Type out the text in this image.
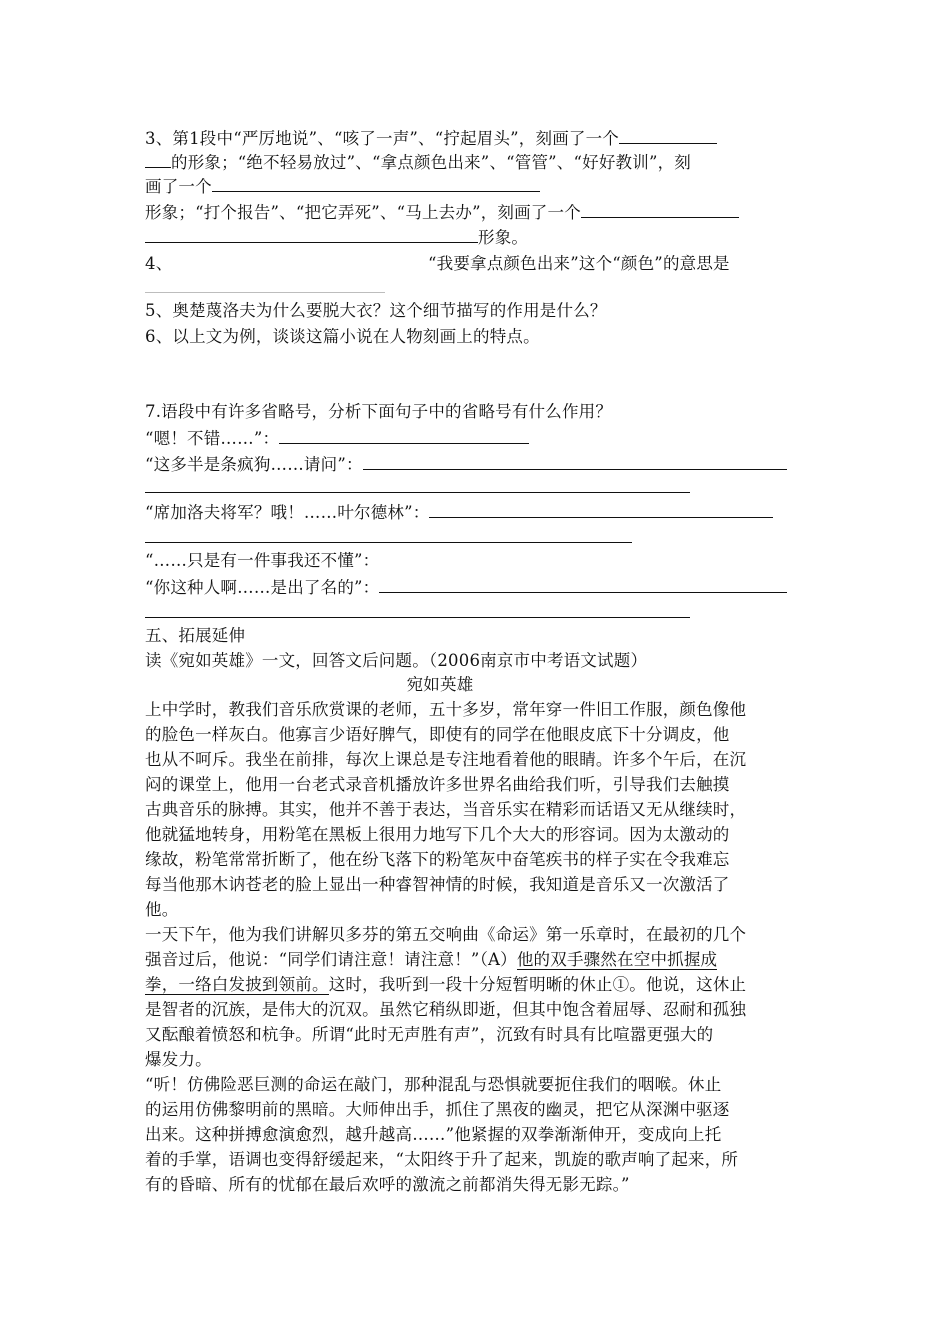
3、第1段中“严厉地说”、“咳了一声”、“拧起眉头”，刻画了一个
的形象；“绝不轻易放过”、“拿点颜色出来”、“管管”、“好好教训”，刻
画了一个
形象；“打个报告”、“把它弄死”、“马上去办”，刻画了一个
形象。
4、	“我要拿点颜色出来”这个“颜色”的意思是
5、奥楚蔑洛夫为什么要脱大衣？这个细节描写的作用是什么？
6、以上文为例，谈谈这篇小说在人物刻画上的特点。
7.语段中有许多省略号，分析下面句子中的省略号有什么作用？
“嗯！不错……”：
“这多半是条疯狗……请问”：
“席加洛夫将军？哦！……叶尔德林”：
“……只是有一件事我还不懂”：
“你这种人啊……是出了名的”：
五、拓展延伸
读《宛如英雄》一文，回答文后问题。（2006南京市中考语文试题）
宛如英雄
上中学时，教我们音乐欣赏课的老师，五十多岁，常年穿一件旧工作服，颜色像他
的脸色一样灰白。他寡言少语好脾气，即使有的同学在他眼皮底下十分调皮，他
也从不呵斥。我坐在前排，每次上课总是专注地看着他的眼睛。许多个午后，在沉
闷的课堂上，他用一台老式录音机播放许多世界名曲给我们听，引导我们去触摸
古典音乐的脉搏。其实，他并不善于表达，当音乐实在精彩而话语又无从继续时，
他就猛地转身，用粉笔在黑板上很用力地写下几个大大的形容词。因为太激动的
缘故，粉笔常常折断了，他在纷飞落下的粉笔灰中奋笔疾书的样子实在令我难忘
每当他那木讷苍老的脸上显出一种睿智神情的时候，我知道是音乐又一次激活了
他。
一天下午，他为我们讲解贝多芬的第五交响曲《命运》第一乐章时，在最初的几个
强音过后，他说：“同学们请注意！请注意！”（A）他的双手骤然在空中抓握成
拳，一络白发披到领前。这时，我听到一段十分短暂明晰的休止①。他说，这休止
是智者的沉族，是伟大的沉双。虽然它稍纵即逝，但其中饱含着屈辱、忍耐和孤独
又酝酿着愤怒和杭争。所谓“此时无声胜有声”，沉致有时具有比喧嚣更强大的
爆发力。
“听！仿佛险恶巨测的命运在敲门，那种混乱与恐惧就要扼住我们的咽喉。休止
的运用仿佛黎明前的黑暗。大师伸出手，抓住了黑夜的幽灵，把它从深渊中驱逐
出来。这种拼搏愈演愈烈，越升越高……”他紧握的双拳渐渐伸开，变成向上托
着的手掌，语调也变得舒缓起来，“太阳终于升了起来，凯旋的歌声响了起来，所
有的昏暗、所有的忧郁在最后欢呼的激流之前都消失得无影无踪。”
